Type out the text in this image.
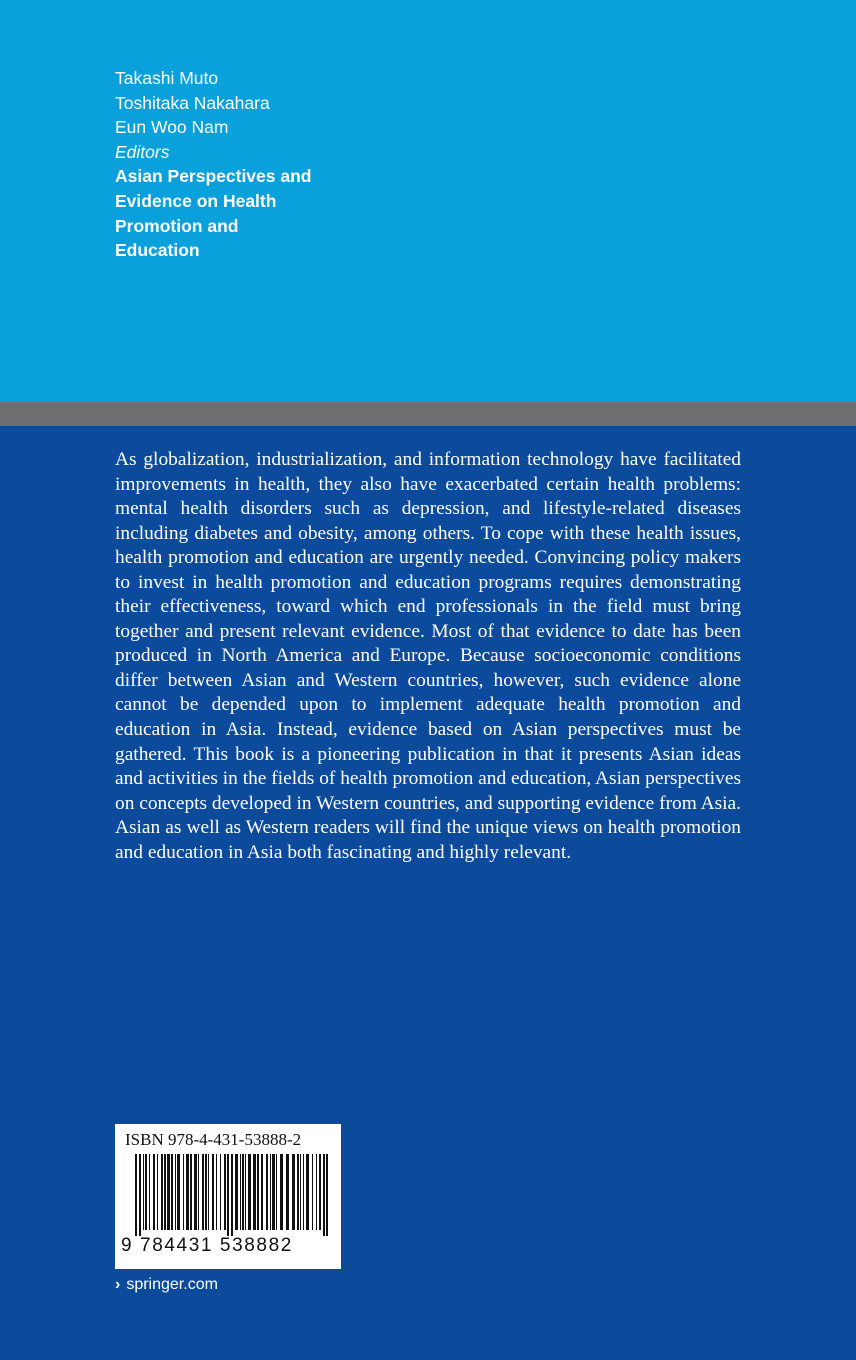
Takashi Muto
Toshitaka Nakahara
Eun Woo Nam
Editors
Asian Perspectives and Evidence on Health Promotion and Education

As globalization, industrialization, and information technology have facilitated improvements in health, they also have exacerbated certain health problems: mental health disorders such as depression, and lifestyle-related diseases including diabetes and obesity, among others. To cope with these health issues, health promotion and education are urgently needed. Convincing policy makers to invest in health promotion and education programs requires demonstrating their effectiveness, toward which end professionals in the field must bring together and present relevant evidence. Most of that evidence to date has been produced in North America and Europe. Because socioeconomic conditions differ between Asian and Western countries, however, such evidence alone cannot be depended upon to implement adequate health promotion and education in Asia. Instead, evidence based on Asian perspectives must be gathered. This book is a pioneering publication in that it presents Asian ideas and activities in the fields of health promotion and education, Asian perspectives on concepts developed in Western countries, and supporting evidence from Asia. Asian as well as Western readers will find the unique views on health promotion and education in Asia both fascinating and highly relevant.

ISBN 978-4-431-53888-2
9 784431 538882
› springer.com
